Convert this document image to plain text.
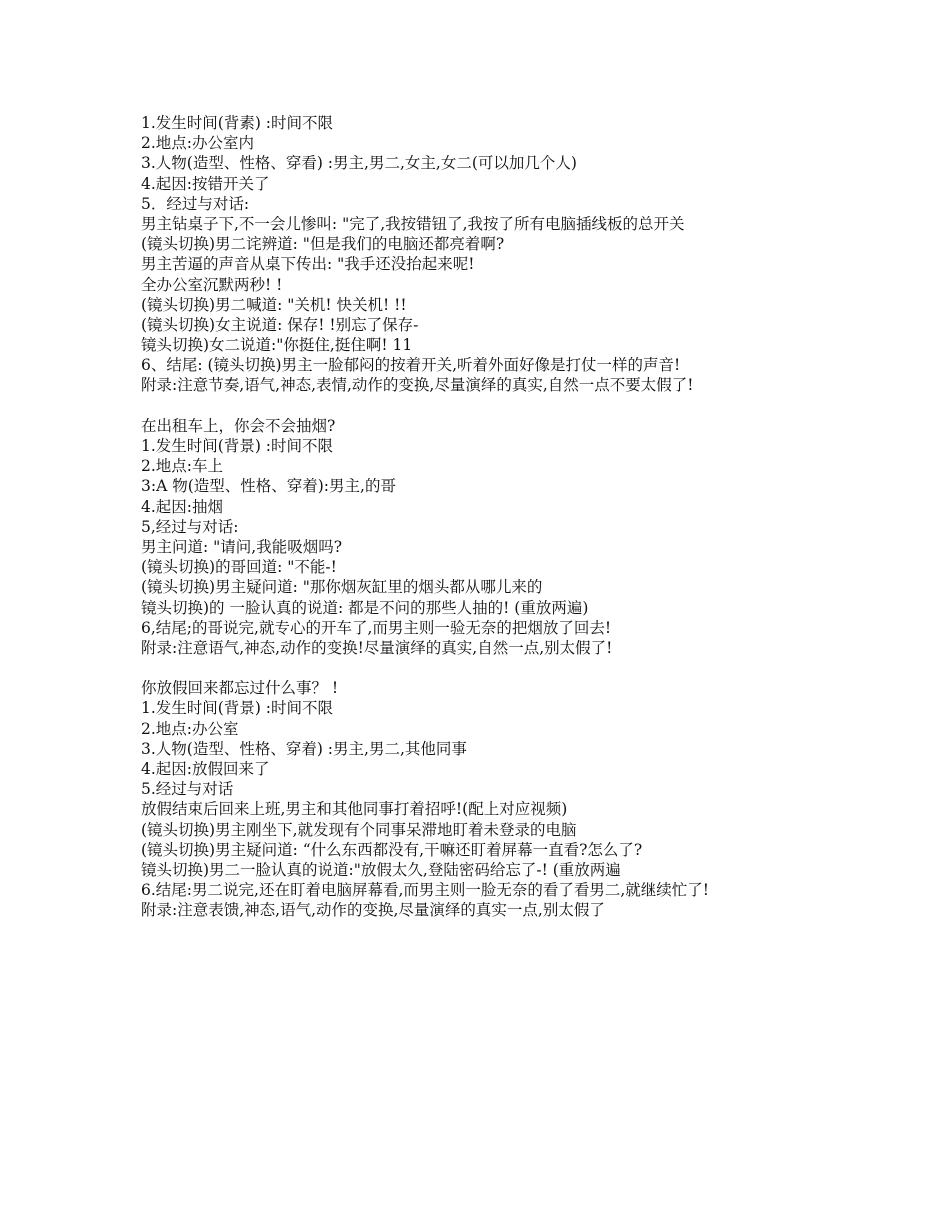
1.发生时间(背素) :时间不限
2.地点:办公室内
3.人物(造型、性格、穿看) :男主,男二,女主,女二(可以加几个人)
4.起因:按错开关了
5．经过与对话:
男主钻桌子下,不一会儿惨叫: "完了,我按错钮了,我按了所有电脑插线板的总开关
(镜头切换)男二诧辨道: "但是我们的电脑还都亮着啊?
男主苦逼的声音从桌下传出: "我手还没抬起来呢!
全办公室沉默两秒! !
(镜头切换)男二喊道: "关机! 快关机! !!
(镜头切换)女主说道: 保存! !别忘了保存-
镜头切换)女二说道:"你挺住,挺住啊! 11
6、结尾: (镜头切换)男主一脸郁闷的按着开关,听着外面好像是打仗一样的声音!
附录:注意节奏,语气,神态,表情,动作的变换,尽量演绎的真实,自然一点不要太假了!
在出租车上，你会不会抽烟?
1.发生时间(背景) :时间不限
2.地点:车上
3:A 物(造型、性格、穿着):男主,的哥
4.起因:抽烟
5,经过与对话:
男主问道: "请问,我能吸烟吗?
(镜头切换)的哥回道: "不能-!
(镜头切换)男主疑问道: "那你烟灰缸里的烟头都从哪儿来的
镜头切换)的 一脸认真的说道: 都是不问的那些人抽的! (重放两遍)
6,结尾;的哥说完,就专心的开车了,而男主则一验无奈的把烟放了回去!
附录:注意语气,神态,动作的变换!尽量演绎的真实,自然一点,别太假了!
你放假回来都忘过什么事？ !
1.发生时间(背景) :时间不限
2.地点:办公室
3.人物(造型、性格、穿着) :男主,男二,其他同事
4.起因:放假回来了
5.经过与对话
放假结束后回来上班,男主和其他同事打着招呼!(配上对应视频)
(镜头切换)男主刚坐下,就发现有个同事呆滞地盯着未登录的电脑
(镜头切换)男主疑问道: “什么东西都没有,干嘛还盯着屏幕一直看?怎么了?
镜头切换)男二一脸认真的说道:"放假太久,登陆密码给忘了-! (重放两遍
6.结尾:男二说完,还在盯着电脑屏幕看,而男主则一脸无奈的看了看男二,就继续忙了!
附录:注意表馈,神态,语气,动作的变换,尽量演绎的真实一点,别太假了
